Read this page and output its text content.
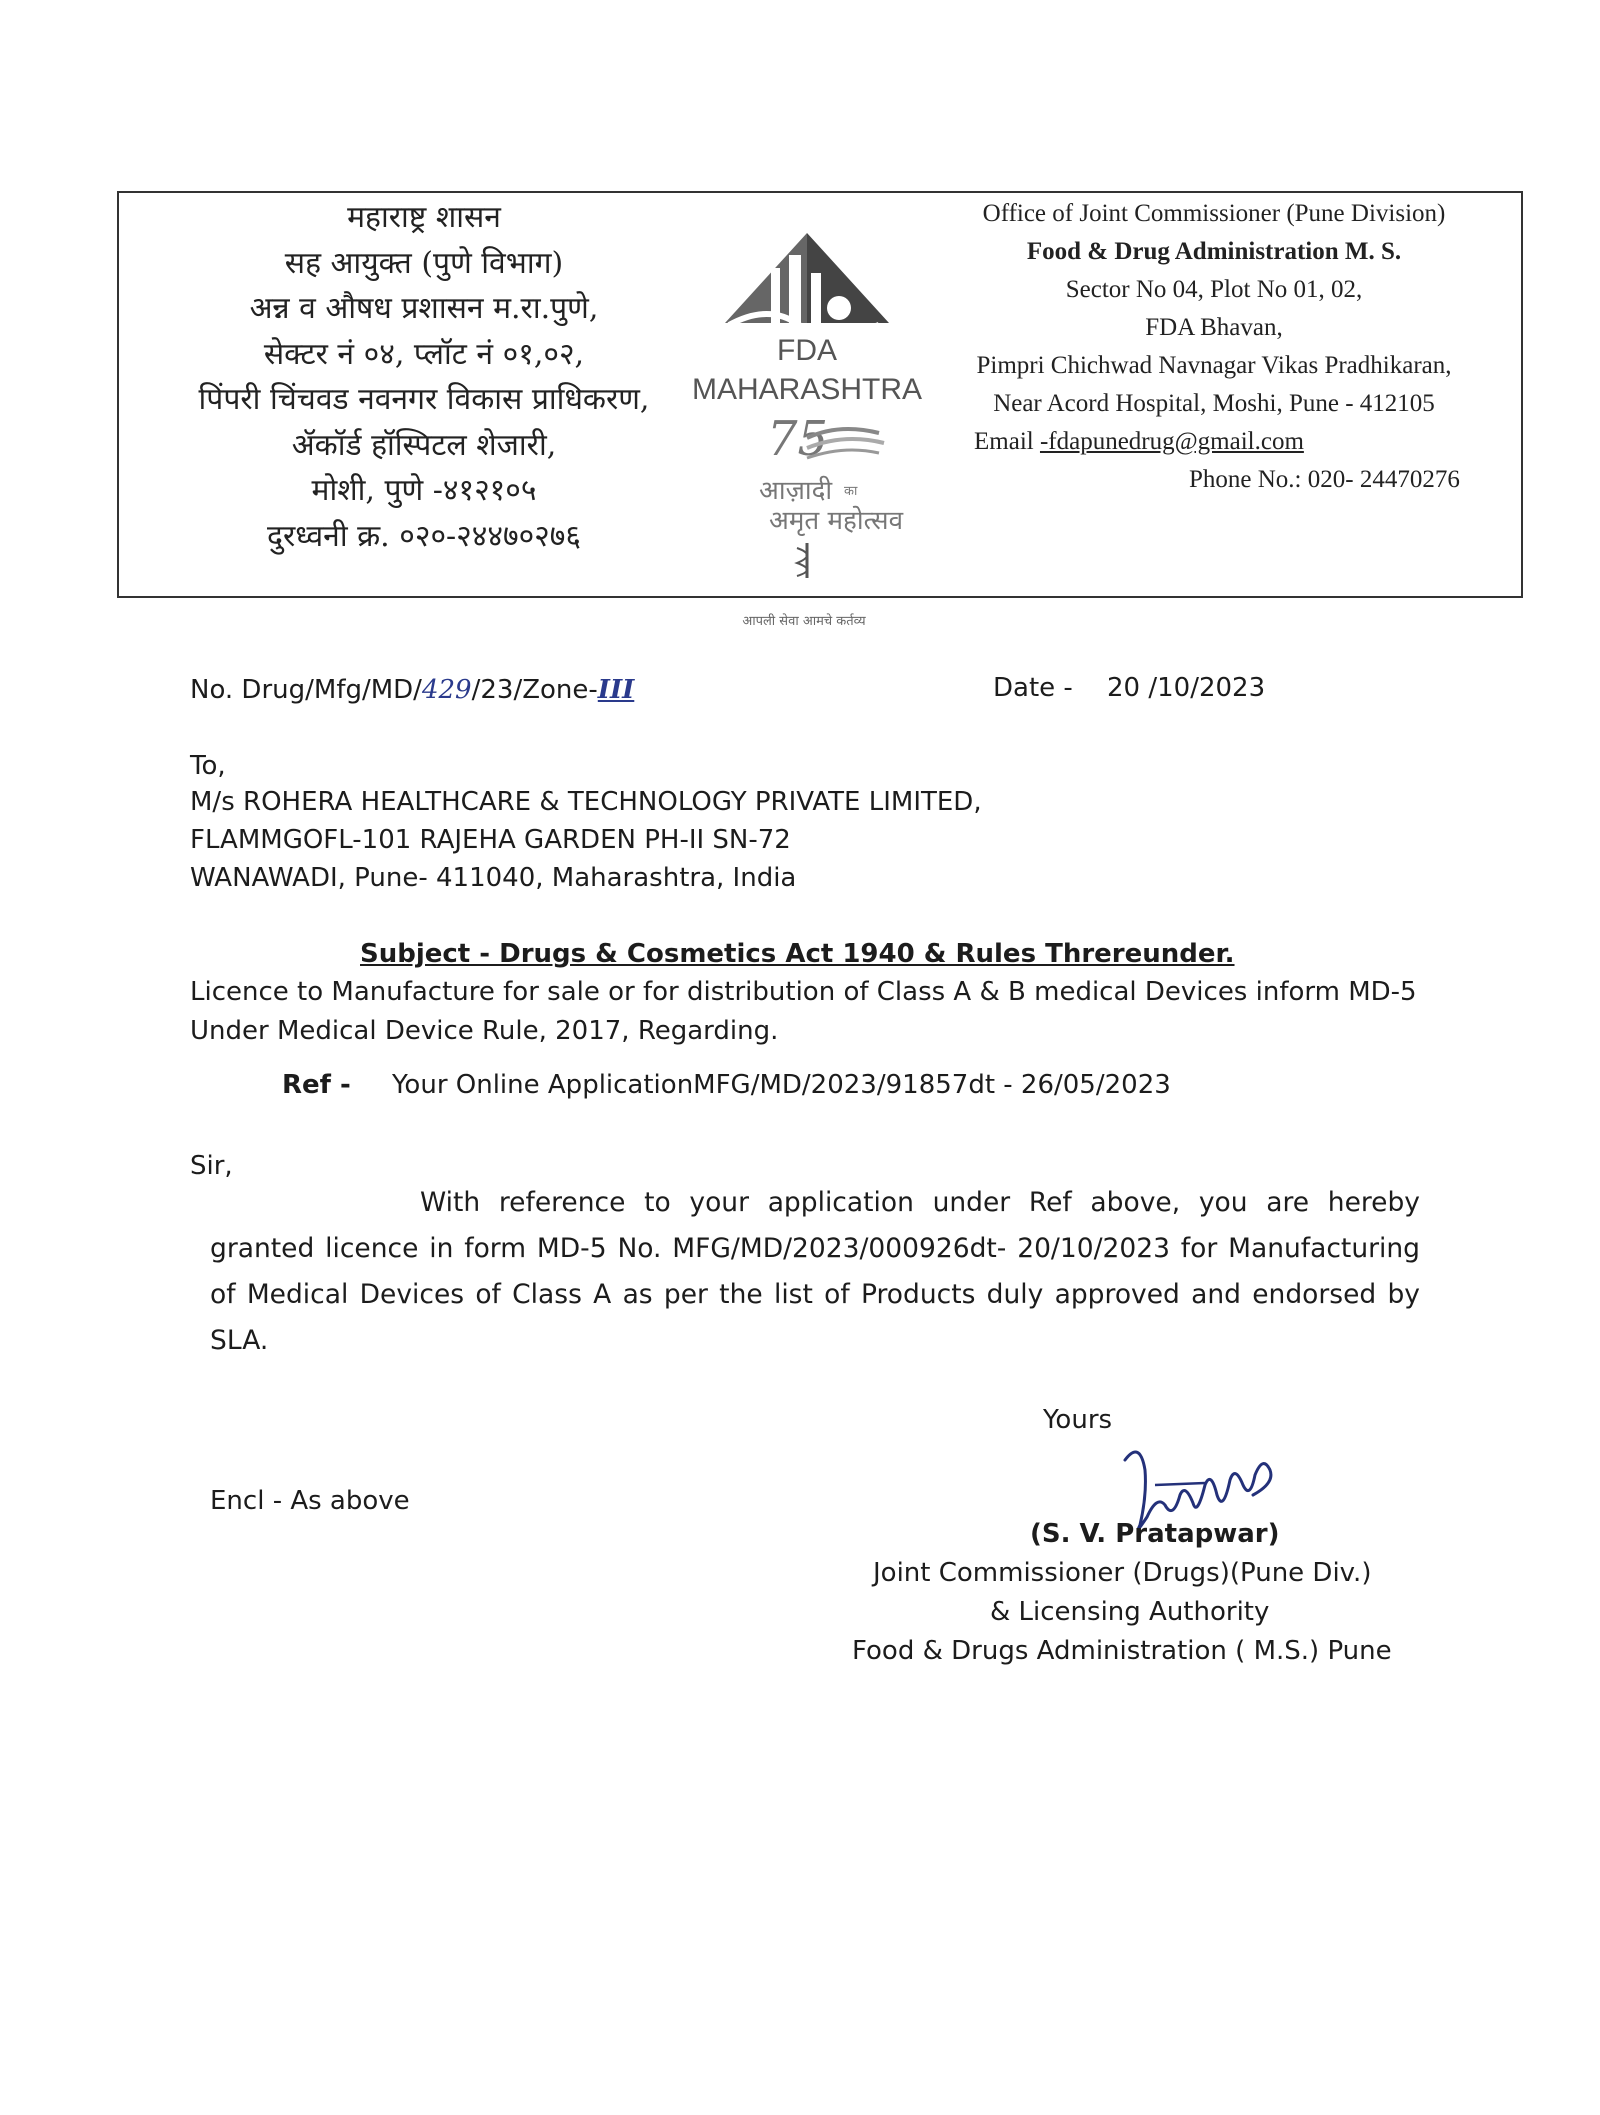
महाराष्ट्र शासन
सह आयुक्त (पुणे विभाग)
अन्न व औषध प्रशासन म.रा.पुणे,
सेक्टर नं ०४, प्लॉट नं ०१,०२,
पिंपरी चिंचवड नवनगर विकास प्राधिकरण,
ॲकॉर्ड हॉस्पिटल शेजारी,
मोशी, पुणे -४१२१०५
दुरध्वनी क्र. ०२०-२४४७०२७६
FDA
MAHARASHTRA
75
आज़ादी का
अमृत महोत्सव
आपली सेवा आमचे कर्तव्य
Office of Joint Commissioner (Pune Division)
Food & Drug Administration M. S.
Sector No 04, Plot No 01, 02,
FDA Bhavan,
Pimpri Chichwad Navnagar Vikas Pradhikaran,
Near Acord Hospital, Moshi, Pune - 412105
Email -fdapunedrug@gmail.com
Phone No.: 020- 24470276
No. Drug/Mfg/MD/429/23/Zone-III	Date - 20 /10/2023
To,
M/s ROHERA HEALTHCARE & TECHNOLOGY PRIVATE LIMITED,
FLAMMGOFL-101 RAJEHA GARDEN PH-II SN-72
WANAWADI, Pune- 411040, Maharashtra, India
Subject - Drugs & Cosmetics Act 1940 & Rules Threreunder.
Licence to Manufacture for sale or for distribution of Class A & B medical Devices inform MD-5
Under Medical Device Rule, 2017, Regarding.
Ref - Your Online ApplicationMFG/MD/2023/91857dt - 26/05/2023
Sir,
With reference to your application under Ref above, you are hereby granted licence in form MD-5 No. MFG/MD/2023/000926dt- 20/10/2023 for Manufacturing of Medical Devices of Class A as per the list of Products duly approved and endorsed by SLA.
Yours
(S. V. Pratapwar)
Joint Commissioner (Drugs)(Pune Div.)
& Licensing Authority
Food & Drugs Administration ( M.S.) Pune
Encl - As above
